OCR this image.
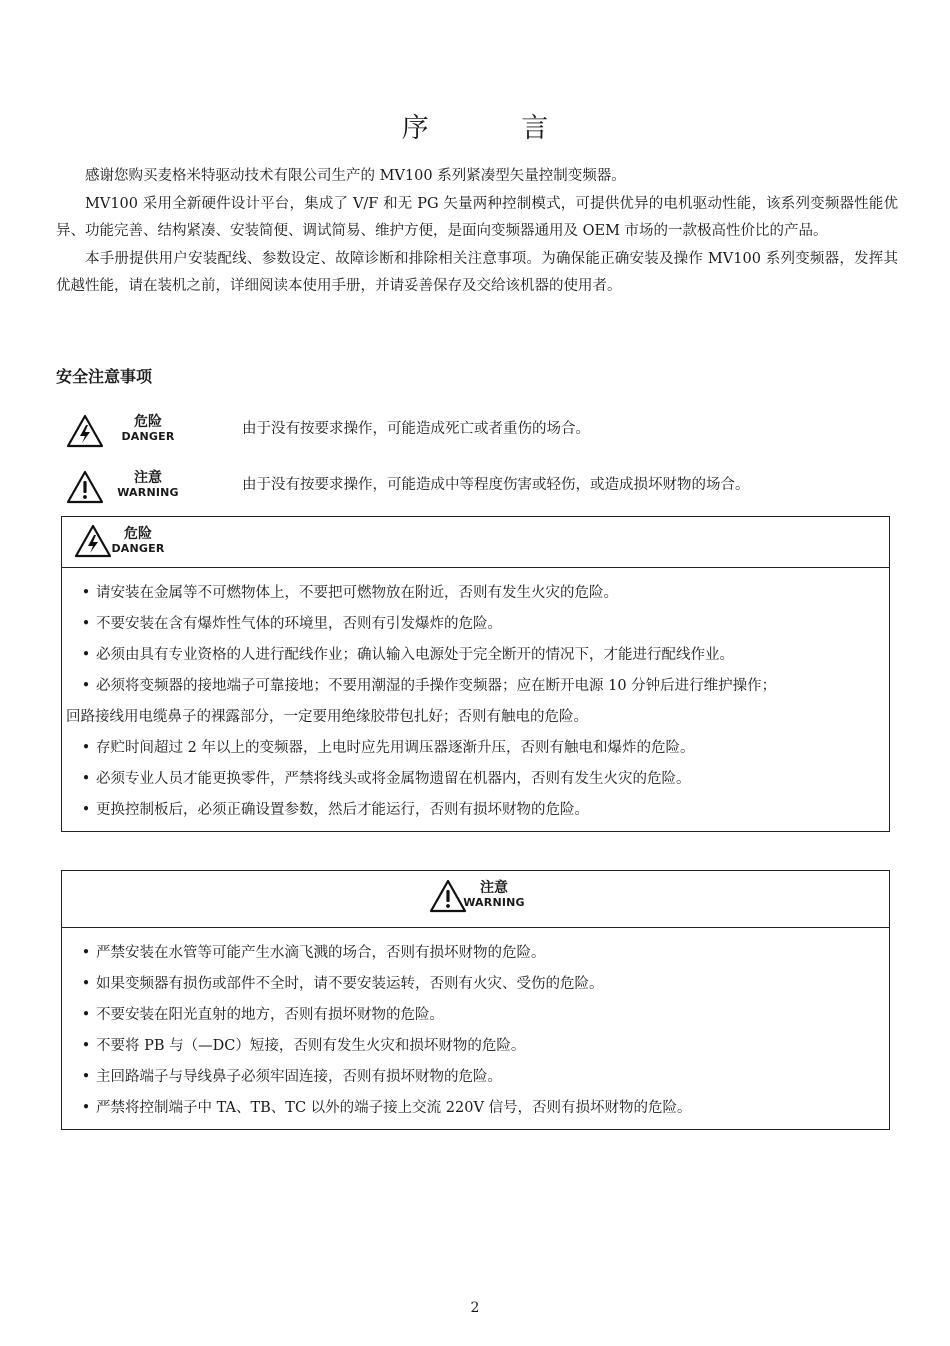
序 言

感谢您购买麦格米特驱动技术有限公司生产的 MV100 系列紧凑型矢量控制变频器。

MV100 采用全新硬件设计平台，集成了 V/F 和无 PG 矢量两种控制模式，可提供优异的电机驱动性能，该系列变频器性能优异、功能完善、结构紧凑、安装简便、调试简易、维护方便，是面向变频器通用及 OEM 市场的一款极高性价比的产品。

本手册提供用户安装配线、参数设定、故障诊断和排除相关注意事项。为确保能正确安装及操作 MV100 系列变频器，发挥其优越性能，请在装机之前，详细阅读本使用手册，并请妥善保存及交给该机器的使用者。

安全注意事项
危险
DANGER	由于没有按要求操作，可能造成死亡或者重伤的场合。
注意
WARNING	由于没有按要求操作，可能造成中等程度伤害或轻伤，或造成损坏财物的场合。
危险
DANGER
• 请安装在金属等不可燃物体上，不要把可燃物放在附近，否则有发生火灾的危险。
• 不要安装在含有爆炸性气体的环境里，否则有引发爆炸的危险。
• 必须由具有专业资格的人进行配线作业；确认输入电源处于完全断开的情况下，才能进行配线作业。
• 必须将变频器的接地端子可靠接地；不要用潮湿的手操作变频器；应在断开电源 10 分钟后进行维护操作；
回路接线用电缆鼻子的裸露部分，一定要用绝缘胶带包扎好；否则有触电的危险。
• 存贮时间超过 2 年以上的变频器，上电时应先用调压器逐渐升压，否则有触电和爆炸的危险。
• 必须专业人员才能更换零件，严禁将线头或将金属物遗留在机器内，否则有发生火灾的危险。
• 更换控制板后，必须正确设置参数，然后才能运行，否则有损坏财物的危险。
注意
WARNING
• 严禁安装在水管等可能产生水滴飞溅的场合，否则有损坏财物的危险。
• 如果变频器有损伤或部件不全时，请不要安装运转，否则有火灾、受伤的危险。
• 不要安装在阳光直射的地方，否则有损坏财物的危险。
• 不要将 PB 与（—DC）短接，否则有发生火灾和损坏财物的危险。
• 主回路端子与导线鼻子必须牢固连接，否则有损坏财物的危险。
• 严禁将控制端子中 TA、TB、TC 以外的端子接上交流 220V 信号，否则有损坏财物的危险。
2
